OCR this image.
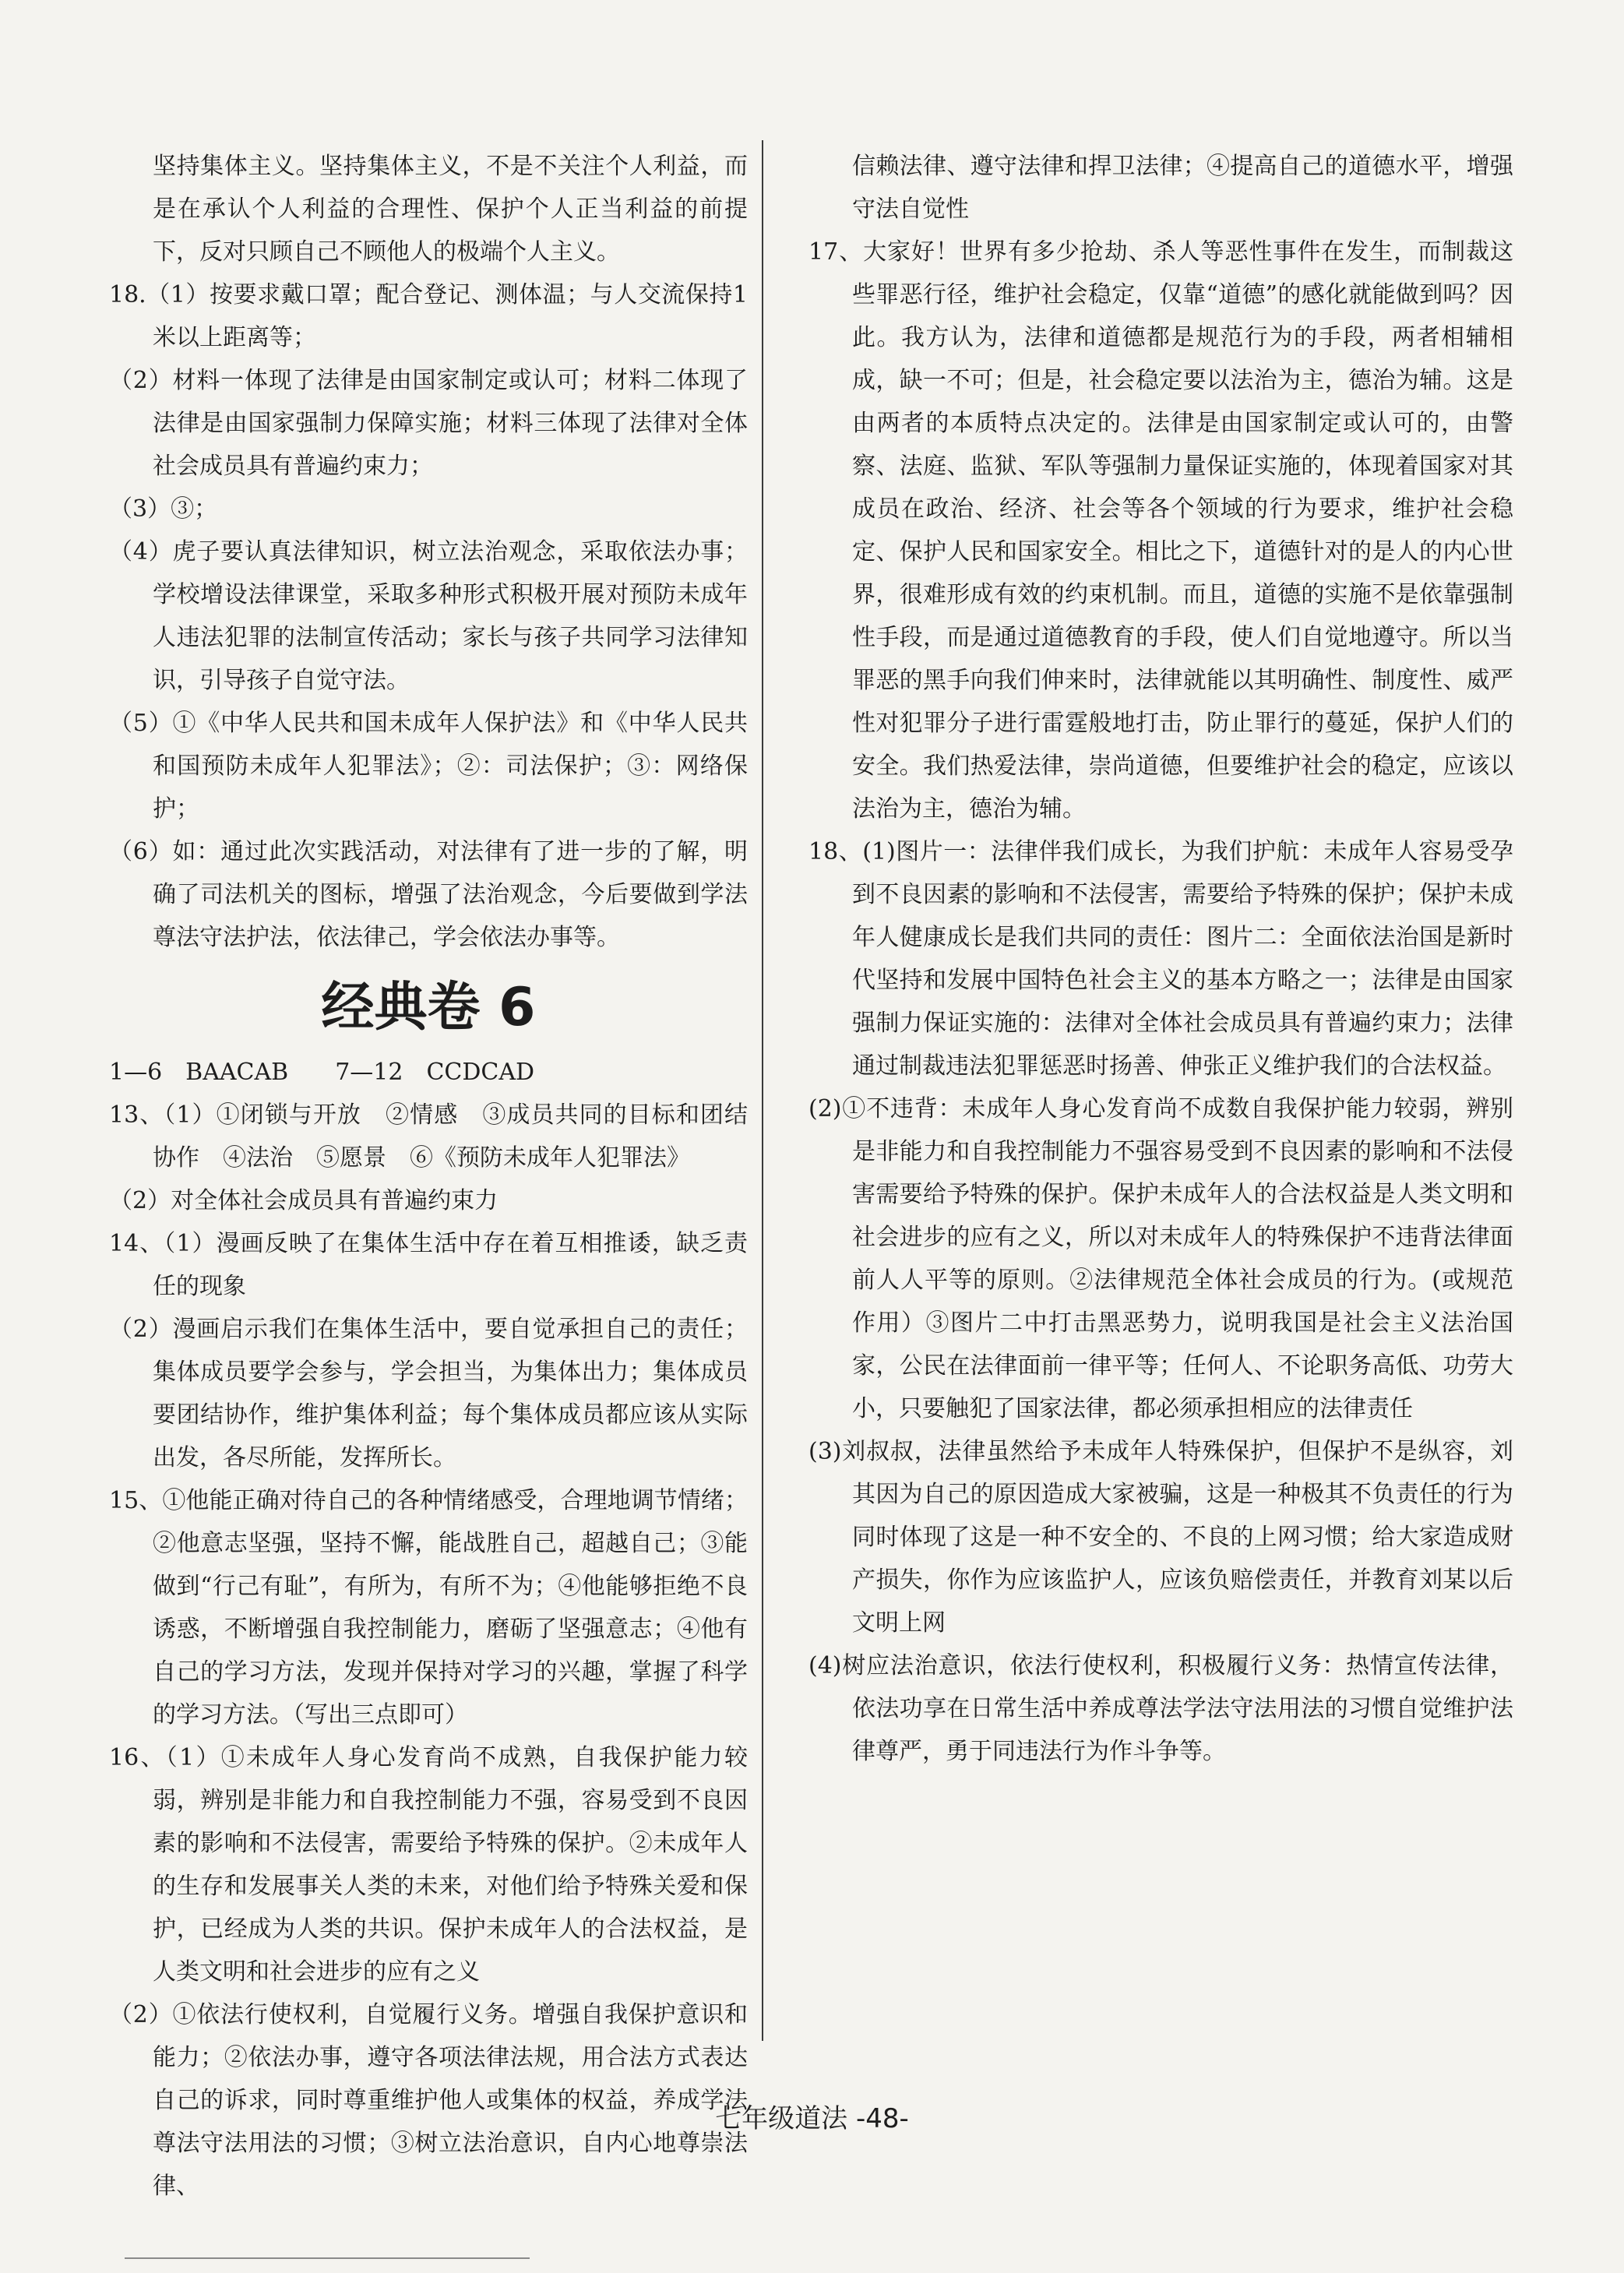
坚持集体主义。坚持集体主义，不是不关注个人利益，而是在承认个人利益的合理性、保护个人正当利益的前提下，反对只顾自己不顾他人的极端个人主义。

18.（1）按要求戴口罩；配合登记、测体温；与人交流保持1米以上距离等；

（2）材料一体现了法律是由国家制定或认可；材料二体现了法律是由国家强制力保障实施；材料三体现了法律对全体社会成员具有普遍约束力；

（3）③；

（4）虎子要认真法律知识，树立法治观念，采取依法办事；学校增设法律课堂，采取多种形式积极开展对预防未成年人违法犯罪的法制宣传活动；家长与孩子共同学习法律知识，引导孩子自觉守法。

（5）①《中华人民共和国未成年人保护法》和《中华人民共和国预防未成年人犯罪法》；②：司法保护；③：网络保护；

（6）如：通过此次实践活动，对法律有了进一步的了解，明确了司法机关的图标，增强了法治观念，今后要做到学法尊法守法护法，依法律己，学会依法办事等。

经典卷 6

1—6　BAACAB　　7—12　CCDCAD

13、（1）①闭锁与开放　②情感　③成员共同的目标和团结协作　④法治　⑤愿景　⑥《预防未成年人犯罪法》

（2）对全体社会成员具有普遍约束力

14、（1）漫画反映了在集体生活中存在着互相推诿，缺乏责任的现象

（2）漫画启示我们在集体生活中，要自觉承担自己的责任；集体成员要学会参与，学会担当，为集体出力；集体成员要团结协作，维护集体利益；每个集体成员都应该从实际出发，各尽所能，发挥所长。

15、①他能正确对待自己的各种情绪感受，合理地调节情绪；②他意志坚强，坚持不懈，能战胜自己，超越自己；③能做到“行己有耻”，有所为，有所不为；④他能够拒绝不良诱惑，不断增强自我控制能力，磨砺了坚强意志；④他有自己的学习方法，发现并保持对学习的兴趣，掌握了科学的学习方法。（写出三点即可）

16、（1）①未成年人身心发育尚不成熟，自我保护能力较弱，辨别是非能力和自我控制能力不强，容易受到不良因素的影响和不法侵害，需要给予特殊的保护。②未成年人的生存和发展事关人类的未来，对他们给予特殊关爱和保护，已经成为人类的共识。保护未成年人的合法权益，是人类文明和社会进步的应有之义

（2）①依法行使权利，自觉履行义务。增强自我保护意识和能力；②依法办事，遵守各项法律法规，用合法方式表达自己的诉求，同时尊重维护他人或集体的权益，养成学法尊法守法用法的习惯；③树立法治意识，自内心地尊崇法律、

信赖法律、遵守法律和捍卫法律；④提高自己的道德水平，增强守法自觉性

17、大家好！世界有多少抢劫、杀人等恶性事件在发生，而制裁这些罪恶行径，维护社会稳定，仅靠“道德”的感化就能做到吗？因此。我方认为，法律和道德都是规范行为的手段，两者相辅相成，缺一不可；但是，社会稳定要以法治为主，德治为辅。这是由两者的本质特点决定的。法律是由国家制定或认可的，由警察、法庭、监狱、军队等强制力量保证实施的，体现着国家对其成员在政治、经济、社会等各个领域的行为要求，维护社会稳定、保护人民和国家安全。相比之下，道德针对的是人的内心世界，很难形成有效的约束机制。而且，道德的实施不是依靠强制性手段，而是通过道德教育的手段，使人们自觉地遵守。所以当罪恶的黑手向我们伸来时，法律就能以其明确性、制度性、威严性对犯罪分子进行雷霆般地打击，防止罪行的蔓延，保护人们的安全。我们热爱法律，崇尚道德，但要维护社会的稳定，应该以法治为主，德治为辅。

18、(1)图片一：法律伴我们成长，为我们护航：未成年人容易受孕到不良因素的影响和不法侵害，需要给予特殊的保护；保护未成年人健康成长是我们共同的责任：图片二：全面依法治国是新时代坚持和发展中国特色社会主义的基本方略之一；法律是由国家强制力保证实施的：法律对全体社会成员具有普遍约束力；法律通过制裁违法犯罪惩恶时扬善、伸张正义维护我们的合法权益。

(2)①不违背：未成年人身心发育尚不成数自我保护能力较弱，辨别是非能力和自我控制能力不强容易受到不良因素的影响和不法侵害需要给予特殊的保护。保护未成年人的合法权益是人类文明和社会进步的应有之义，所以对未成年人的特殊保护不违背法律面前人人平等的原则。②法律规范全体社会成员的行为。(或规范作用）③图片二中打击黑恶势力，说明我国是社会主义法治国家，公民在法律面前一律平等；任何人、不论职务高低、功劳大小，只要触犯了国家法律，都必须承担相应的法律责任

(3)刘叔叔，法律虽然给予未成年人特殊保护，但保护不是纵容，刘其因为自己的原因造成大家被骗，这是一种极其不负责任的行为同时体现了这是一种不安全的、不良的上网习惯；给大家造成财产损失，你作为应该监护人，应该负赔偿责任，并教育刘某以后文明上网

(4)树应法治意识，依法行使权利，积极履行义务：热情宣传法律，依法功享在日常生活中养成尊法学法守法用法的习惯自觉维护法律尊严，勇于同违法行为作斗争等。

七年级道法 -48-
